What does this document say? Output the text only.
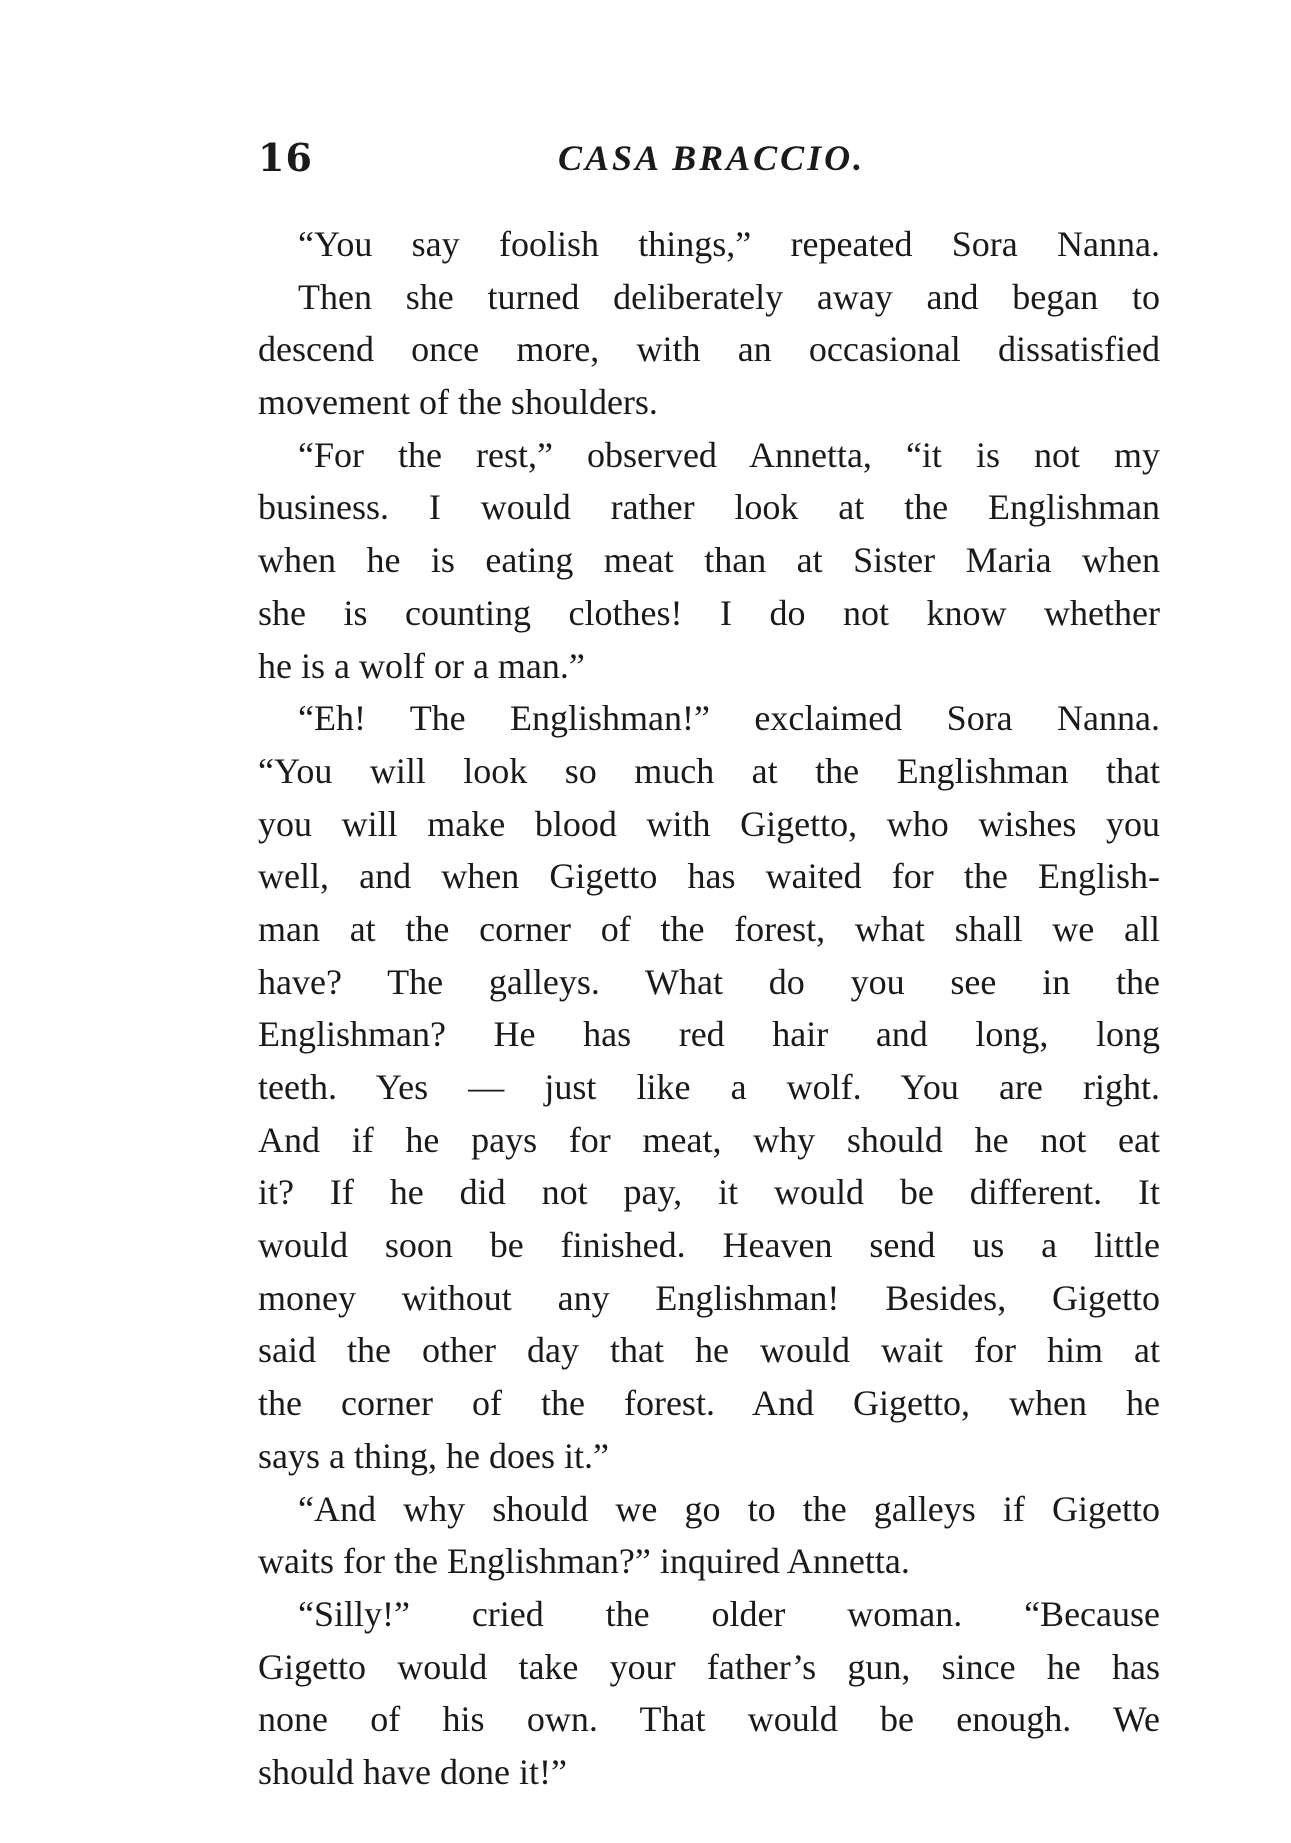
16	CASA BRACCIO.
“You say foolish things,” repeated Sora Nanna.
Then she turned deliberately away and began to
descend once more, with an occasional dissatisfied
movement of the shoulders.
“For the rest,” observed Annetta, “it is not my
business. I would rather look at the Englishman
when he is eating meat than at Sister Maria when
she is counting clothes! I do not know whether
he is a wolf or a man.”
“Eh! The Englishman!” exclaimed Sora Nanna.
“You will look so much at the Englishman that
you will make blood with Gigetto, who wishes you
well, and when Gigetto has waited for the English-
man at the corner of the forest, what shall we all
have? The galleys. What do you see in the
Englishman? He has red hair and long, long
teeth. Yes — just like a wolf. You are right.
And if he pays for meat, why should he not eat
it? If he did not pay, it would be different. It
would soon be finished. Heaven send us a little
money without any Englishman! Besides, Gigetto
said the other day that he would wait for him at
the corner of the forest. And Gigetto, when he
says a thing, he does it.”
“And why should we go to the galleys if Gigetto
waits for the Englishman?” inquired Annetta.
“Silly!” cried the older woman. “Because
Gigetto would take your father’s gun, since he has
none of his own. That would be enough. We
should have done it!”
